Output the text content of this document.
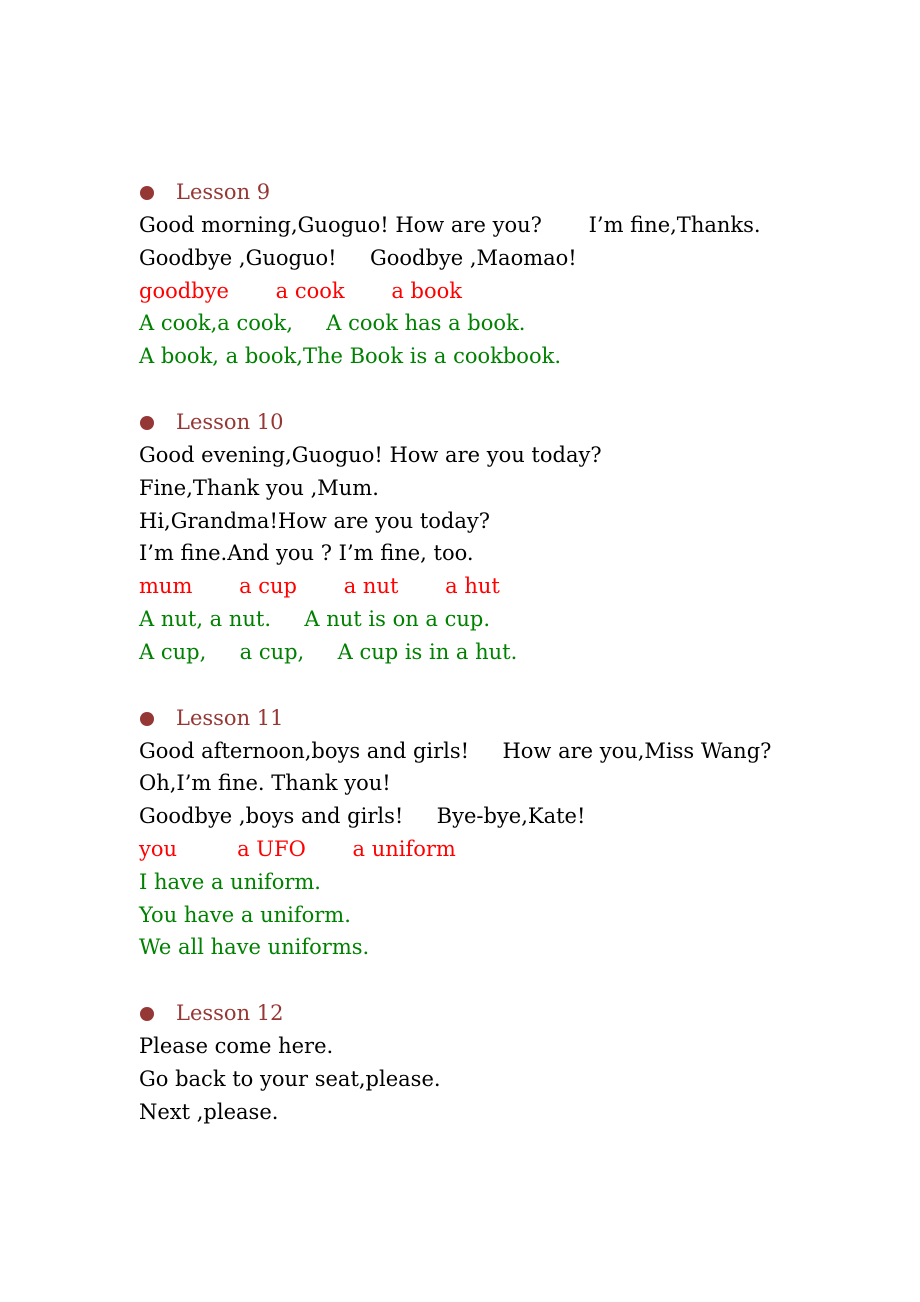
Lesson 9
Good morning,Guoguo! How are you?       I’m fine,Thanks.
Goodbye ,Guoguo!     Goodbye ,Maomao!
goodbye       a cook       a book
A cook,a cook,     A cook has a book.
A book, a book,The Book is a cookbook.
Lesson 10
Good evening,Guoguo! How are you today?
Fine,Thank you ,Mum.
Hi,Grandma!How are you today?
I’m fine.And you ? I’m fine, too.
mum       a cup       a nut       a hut
A nut, a nut.     A nut is on a cup.
A cup,     a cup,     A cup is in a hut.
Lesson 11
Good afternoon,boys and girls!     How are you,Miss Wang?
Oh,I’m fine. Thank you!
Goodbye ,boys and girls!     Bye-bye,Kate!
you         a UFO       a uniform
I have a uniform.
You have a uniform.
We all have uniforms.
Lesson 12
Please come here.
Go back to your seat,please.
Next ,please.
